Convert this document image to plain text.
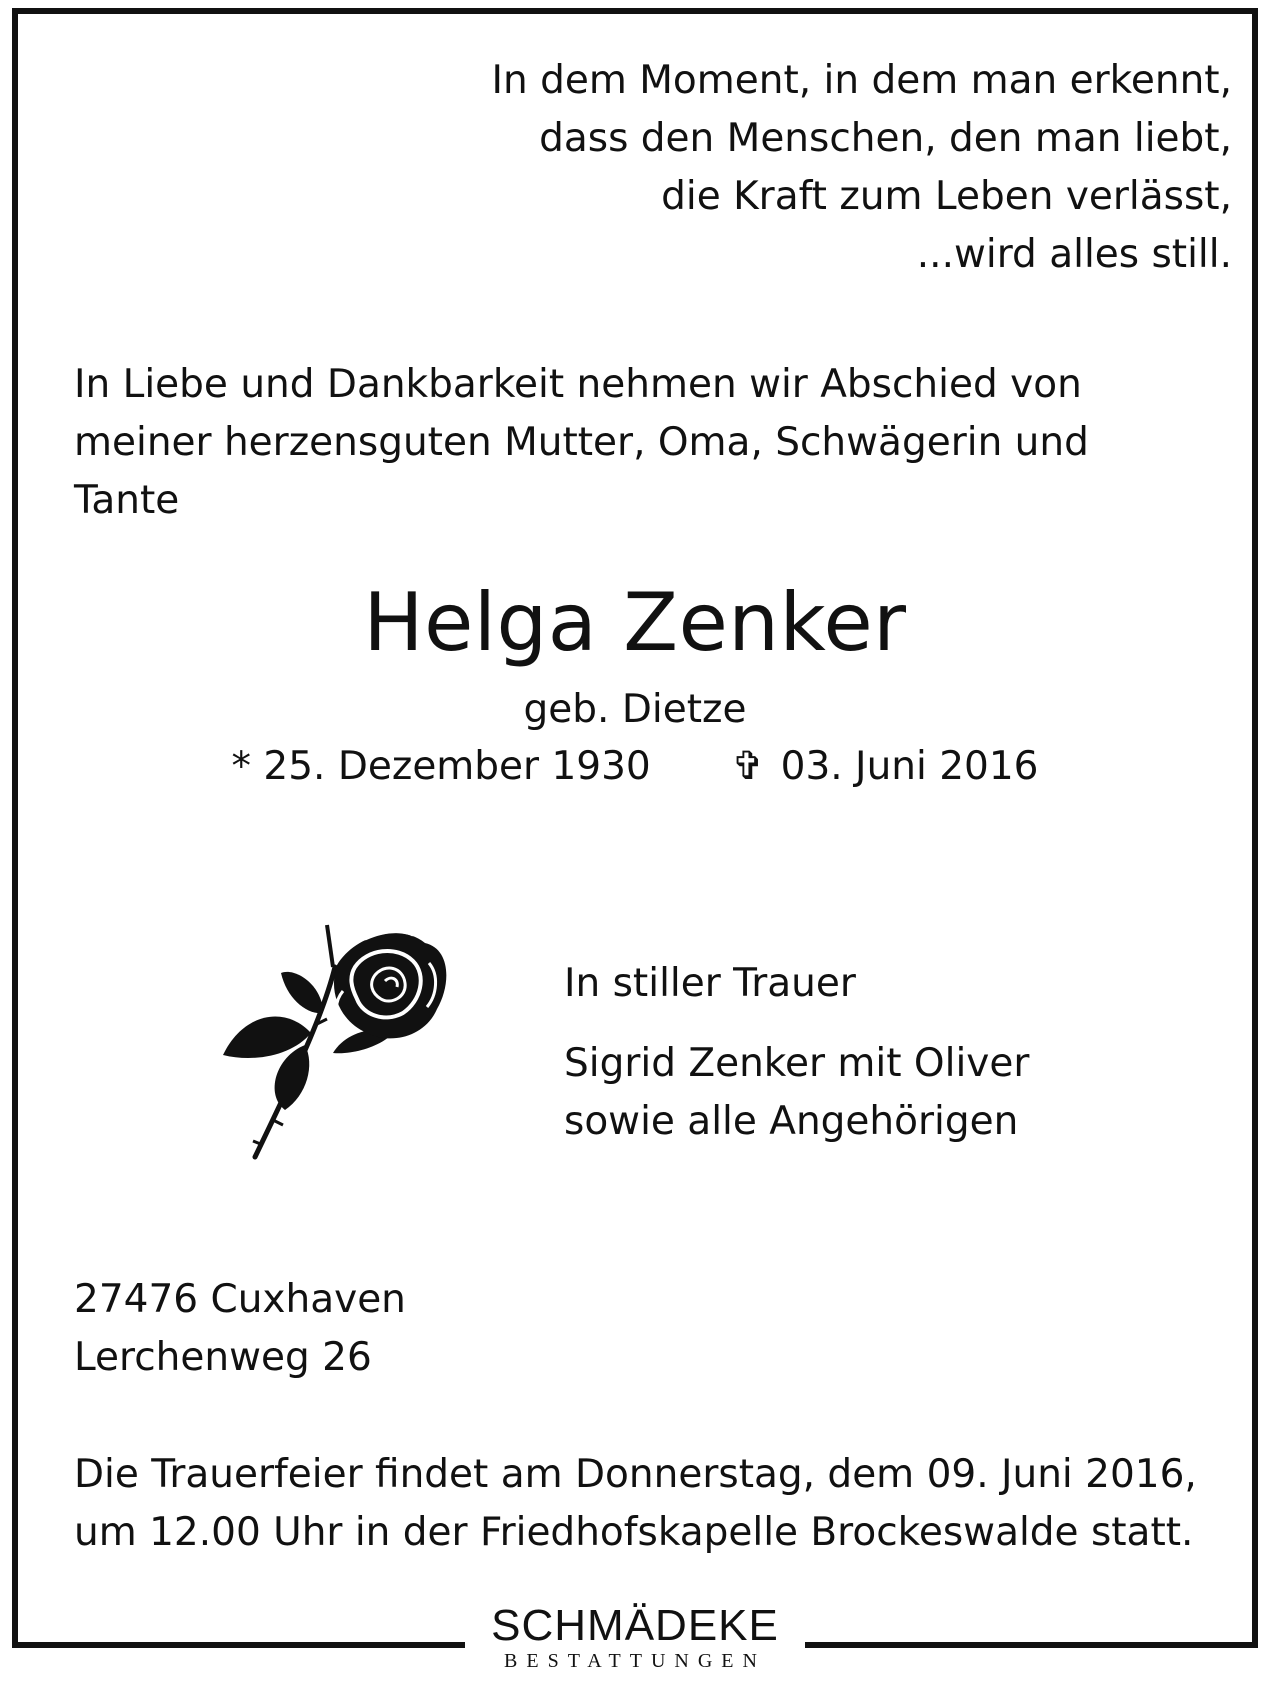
In dem Moment, in dem man erkennt,
dass den Menschen, den man liebt,
die Kraft zum Leben verlässt,
...wird alles still.
In Liebe und Dankbarkeit nehmen wir Abschied von
meiner herzensguten Mutter, Oma, Schwägerin und
Tante
Helga Zenker
geb. Dietze
* 25. Dezember 1930 ✞ 03. Juni 2016
In stiller Trauer
Sigrid Zenker mit Oliver
sowie alle Angehörigen
27476 Cuxhaven
Lerchenweg 26
Die Trauerfeier findet am Donnerstag, dem 09. Juni 2016,
um 12.00 Uhr in der Friedhofskapelle Brockeswalde statt.
SCHMÄDEKE
BESTATTUNGEN
